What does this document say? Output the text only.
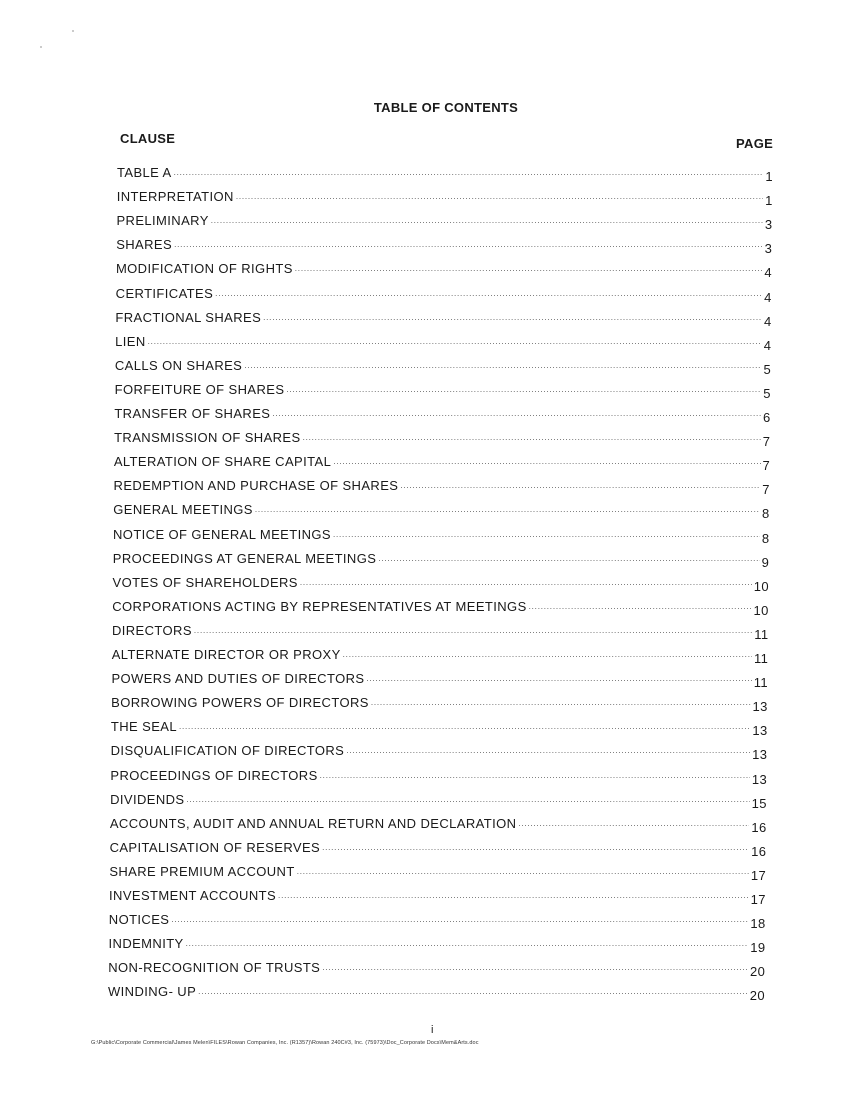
TABLE OF CONTENTS
CLAUSE	PAGE
TABLE A .....	1
INTERPRETATION .....	1
PRELIMINARY .....	3
SHARES .....	3
MODIFICATION OF RIGHTS .....	4
CERTIFICATES .....	4
FRACTIONAL SHARES .....	4
LIEN .....	4
CALLS ON SHARES .....	5
FORFEITURE OF SHARES .....	5
TRANSFER OF SHARES .....	6
TRANSMISSION OF SHARES .....	7
ALTERATION OF SHARE CAPITAL .....	7
REDEMPTION AND PURCHASE OF SHARES .....	7
GENERAL MEETINGS .....	8
NOTICE OF GENERAL MEETINGS .....	8
PROCEEDINGS AT GENERAL MEETINGS .....	9
VOTES OF SHAREHOLDERS .....	10
CORPORATIONS ACTING BY REPRESENTATIVES AT MEETINGS .....	10
DIRECTORS .....	11
ALTERNATE DIRECTOR OR PROXY .....	11
POWERS AND DUTIES OF DIRECTORS .....	11
BORROWING POWERS OF DIRECTORS .....	13
THE SEAL .....	13
DISQUALIFICATION OF DIRECTORS .....	13
PROCEEDINGS OF DIRECTORS .....	13
DIVIDENDS .....	15
ACCOUNTS, AUDIT AND ANNUAL RETURN AND DECLARATION .....	16
CAPITALISATION OF RESERVES .....	16
SHARE PREMIUM ACCOUNT .....	17
INVESTMENT ACCOUNTS .....	17
NOTICES .....	18
INDEMNITY .....	19
NON-RECOGNITION OF TRUSTS .....	20
WINDING- UP .....	20
i
G:\Public\Corporate Commercial\James Melen\FILES\Rowan Companies, Inc. (R1357)\Rowan 240C#3, Inc. (75973)\Doc_Corporate Docs\Mem&Arts.doc
